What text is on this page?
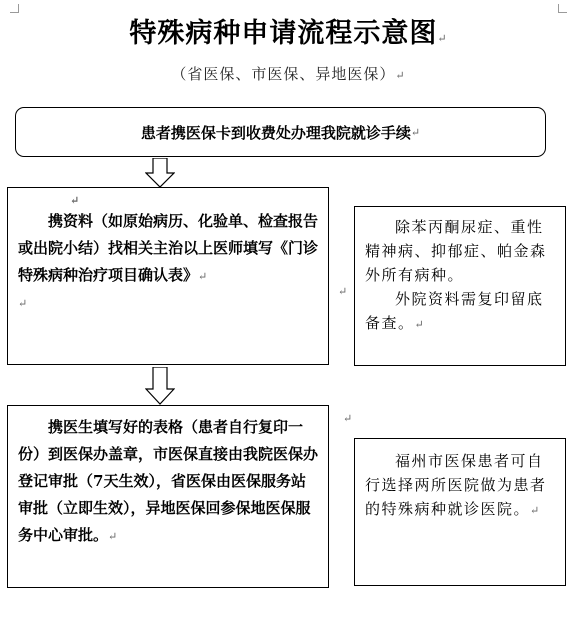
特殊病种申请流程示意图↵
（省医保、市医保、异地医保）↵
患者携医保卡到收费处办理我院就诊手续 ↵
↵

携资料（如原始病历、化验单、检查报告或出院小结）找相关主治以上医师填写《门诊特殊病种治疗项目确认表》↵

↵
↵
↵

除苯丙酮尿症、重性精神病、抑郁症、帕金森外所有病种。

外院资料需复印留底备查。↵

携医生填写好的表格（患者自行复印一份）到医保办盖章，市医保直接由我院医保办登记审批（7天生效），省医保由医保服务站审批（立即生效），异地医保回参保地医保服务中心审批。↵

福州市医保患者可自行选择两所医院做为患者的特殊病种就诊医院。↵
